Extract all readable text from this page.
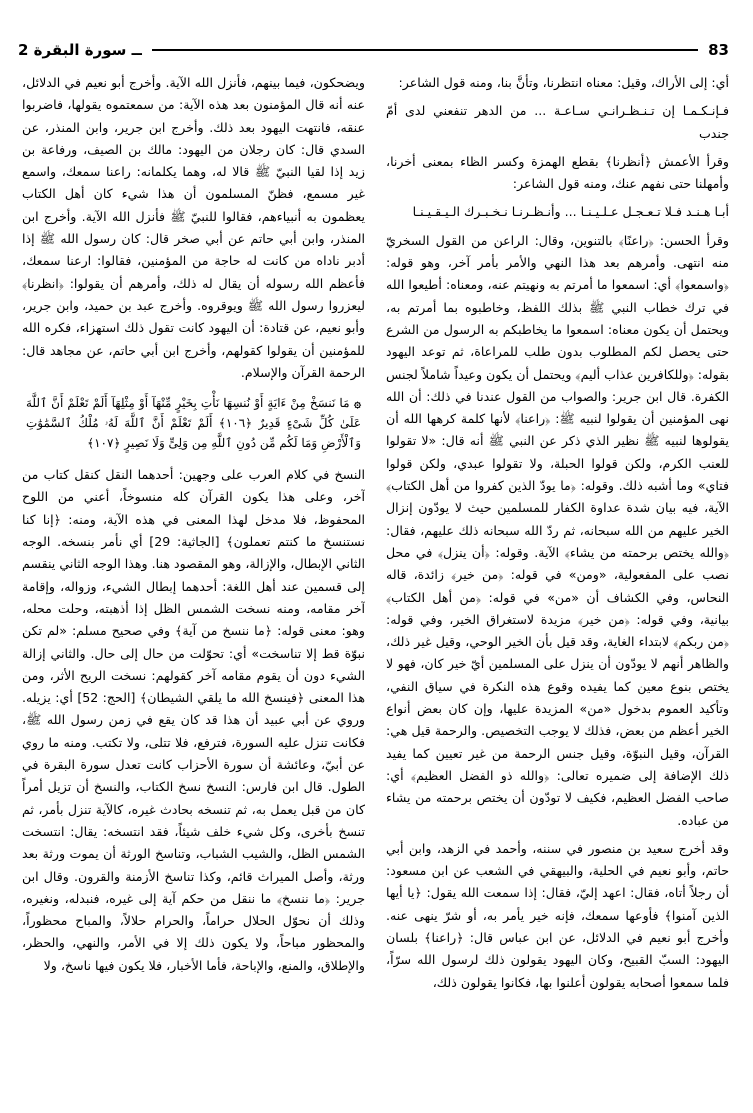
2 ــ سورة البقرة	83

أي: إلى الأراك، وقيل: معناه انتظرنا، وتأنَّ بنا، ومنه قول الشاعر:

فـإنـكـمـا إن تـنـظـرانـي سـاعـة ... من الدهر تنفعني لدى أمّ جندب

وقرأ الأعمش ﴿أنظرنا﴾ بقطع الهمزة وكسر الظاء بمعنى أخرنا، وأمهلنا حتى نفهم عنك، ومنه قول الشاعر:

أبـا هـنـد فـلا تـعـجـل عـلـيـنـا ... وأنـظـرنـا نـخـبـرك الـيـقـيـنـا

وقرأ الحسن: ﴿راعنًا﴾ بالتنوين، وقال: الراعن من القول السخريّ منه انتهى. وأمرهم بعد هذا النهي والأمر بأمر آخر، وهو قوله: ﴿واسمعوا﴾ أي: اسمعوا ما أمرتم به ونهيتم عنه، ومعناه: أطيعوا الله في ترك خطاب النبي ﷺ بذلك اللفظ، وخاطبوه بما أمرتم به، ويحتمل أن يكون معناه: اسمعوا ما يخاطبكم به الرسول من الشرع حتى يحصل لكم المطلوب بدون طلب للمراعاة، ثم توعد اليهود بقوله: ﴿وللكافرين عذاب أليم﴾ ويحتمل أن يكون وعيداً شاملاً لجنس الكفرة. قال ابن جرير: والصواب من القول عندنا في ذلك: أن الله نهى المؤمنين أن يقولوا لنبيه ﷺ: ﴿راعنا﴾ لأنها كلمة كرهها الله أن يقولوها لنبيه ﷺ نظير الذي ذكر عن النبي ﷺ أنه قال: «لا تقولوا للعنب الكرم، ولكن قولوا الحبلة، ولا تقولوا عبدي، ولكن قولوا فتاي» وما أشبه ذلك. وقوله: ﴿ما يودّ الذين كفروا من أهل الكتاب﴾ الآية، فيه بيان شدة عداوة الكفار للمسلمين حيث لا يودّون إنزال الخير عليهم من الله سبحانه، ثم ردّ الله سبحانه ذلك عليهم، فقال: ﴿والله يختص برحمته من يشاء﴾ الآية. وقوله: ﴿أن ينزل﴾ في محل نصب على المفعولية، «ومن» في قوله: ﴿من خير﴾ زائدة، قاله النحاس، وفي الكشاف أن «من» في قوله: ﴿من أهل الكتاب﴾ بيانية، وفي قوله: ﴿من خير﴾ مزيدة لاستغراق الخير، وفي قوله: ﴿من ربكم﴾ لابتداء الغاية، وقد قيل بأن الخير الوحي، وقيل غير ذلك، والظاهر أنهم لا يودّون أن ينزل على المسلمين أيّ خير كان، فهو لا يختص بنوع معين كما يفيده وقوع هذه النكرة في سياق النفي، وتأكيد العموم بدخول «من» المزيدة عليها، وإن كان بعض أنواع الخير أعظم من بعض، فذلك لا يوجب التخصيص. والرحمة قيل هي: القرآن، وقيل النبوّة، وقيل جنس الرحمة من غير تعيين كما يفيد ذلك الإضافة إلى ضميره تعالى: ﴿والله ذو الفضل العظيم﴾ أي: صاحب الفضل العظيم، فكيف لا تودّون أن يختص برحمته من يشاء من عباده.

وقد أخرج سعيد بن منصور في سننه، وأحمد في الزهد، وابن أبي حاتم، وأبو نعيم في الحلية، والبيهقي في الشعب عن ابن مسعود: أن رجلاً أتاه، فقال: اعهد إليّ، فقال: إذا سمعت الله يقول: ﴿يا أيها الذين آمنوا﴾ فأوعها سمعك، فإنه خير يأمر به، أو شرّ ينهى عنه. وأخرج أبو نعيم في الدلائل، عن ابن عباس قال: ﴿راعنا﴾ بلسان اليهود: السبّ القبيح، وكان اليهود يقولون ذلك لرسول الله سرّاً، فلما سمعوا أصحابه يقولون أعلنوا بها، فكانوا يقولون ذلك،

ويضحكون، فيما بينهم، فأنزل الله الآية. وأخرج أبو نعيم في الدلائل، عنه أنه قال المؤمنون بعد هذه الآية: من سمعتموه يقولها، فاضربوا عنقه، فانتهت اليهود بعد ذلك. وأخرج ابن جرير، وابن المنذر، عن السدي قال: كان رجلان من اليهود: مالك بن الصيف، ورفاعة بن زيد إذا لقيا النبيّ ﷺ قالا له، وهما يكلمانه: راعنا سمعك، واسمع غير مسمع، فظنّ المسلمون أن هذا شيء كان أهل الكتاب يعظمون به أنبياءهم، فقالوا للنبيّ ﷺ فأنزل الله الآية. وأخرج ابن المنذر، وابن أبي حاتم عن أبي صخر قال: كان رسول الله ﷺ إذا أدبر ناداه من كانت له حاجة من المؤمنين، فقالوا: ارعنا سمعك، فأعظم الله رسوله أن يقال له ذلك، وأمرهم أن يقولوا: ﴿انظرنا﴾ ليعزروا رسول الله ﷺ ويوقروه. وأخرج عبد بن حميد، وابن جرير، وأبو نعيم، عن قتادة: أن اليهود كانت تقول ذلك استهزاء، فكره الله للمؤمنين أن يقولوا كقولهم، وأخرج ابن أبي حاتم، عن مجاهد قال: الرحمة القرآن والإسلام.

۞ مَا نَنسَخْ مِنْ ءَايَةٍ أَوْ نُنسِهَا نَأْتِ بِخَيْرٍ مِّنْهَآ أَوْ مِثْلِهَآ أَلَمْ تَعْلَمْ أَنَّ ٱللَّهَ عَلَىٰ كُلِّ شَىْءٍ قَدِيرٌ ﴿١٠٦﴾ أَلَمْ تَعْلَمْ أَنَّ ٱللَّهَ لَهُۥ مُلْكُ ٱلسَّمَٰوَٰتِ وَٱلْأَرْضِ وَمَا لَكُم مِّن دُونِ ٱللَّهِ مِن وَلِىٍّ وَلَا نَصِيرٍ ﴿١٠٧﴾

النسخ في كلام العرب على وجهين: أحدهما النقل كنقل كتاب من آخر، وعلى هذا يكون القرآن كله منسوخاً، أعني من اللوح المحفوظ، فلا مدخل لهذا المعنى في هذه الآية، ومنه: ﴿إنا كنا نستنسخ ما كنتم تعملون﴾ [الجاثية: 29] أي نأمر بنسخه. الوجه الثاني الإبطال، والإزالة، وهو المقصود هنا. وهذا الوجه الثاني ينقسم إلى قسمين عند أهل اللغة: أحدهما إبطال الشيء، وزواله، وإقامة آخر مقامه، ومنه نسخت الشمس الظل إذا أذهبته، وحلت محله، وهو: معنى قوله: ﴿ما ننسخ من آية﴾ وفي صحيح مسلم: «لم تكن نبوّة قط إلا تناسخت» أي: تحوّلت من حال إلى حال. والثاني إزالة الشيء دون أن يقوم مقامه آخر كقولهم: نسخت الريح الأثر، ومن هذا المعنى ﴿فينسخ الله ما يلقي الشيطان﴾ [الحج: 52] أي: يزيله. وروي عن أبي عبيد أن هذا قد كان يقع في زمن رسول الله ﷺ، فكانت تنزل عليه السورة، فترفع، فلا تتلى، ولا تكتب. ومنه ما روي عن أبيّ، وعائشة أن سورة الأحزاب كانت تعدل سورة البقرة في الطول. قال ابن فارس: النسخ نسخ الكتاب، والنسخ أن تزيل أمراً كان من قبل يعمل به، ثم تنسخه بحادث غيره، كالآية تنزل بأمر، ثم تنسخ بأخرى، وكل شيء خلف شيئاً، فقد انتسخه: يقال: انتسخت الشمس الظل، والشيب الشباب، وتناسخ الورثة أن يموت ورثة بعد ورثة، وأصل الميراث قائم، وكذا تناسخ الأزمنة والقرون. وقال ابن جرير: ﴿ما ننسخ﴾ ما ننقل من حكم آية إلى غيره، فنبدله، ونغيره، وذلك أن نحوّل الحلال حراماً، والحرام حلالاً، والمباح محظوراً، والمحظور مباحاً، ولا يكون ذلك إلا في الأمر، والنهي، والحظر، والإطلاق، والمنع، والإباحة، فأما الأخبار، فلا يكون فيها ناسخ، ولا
